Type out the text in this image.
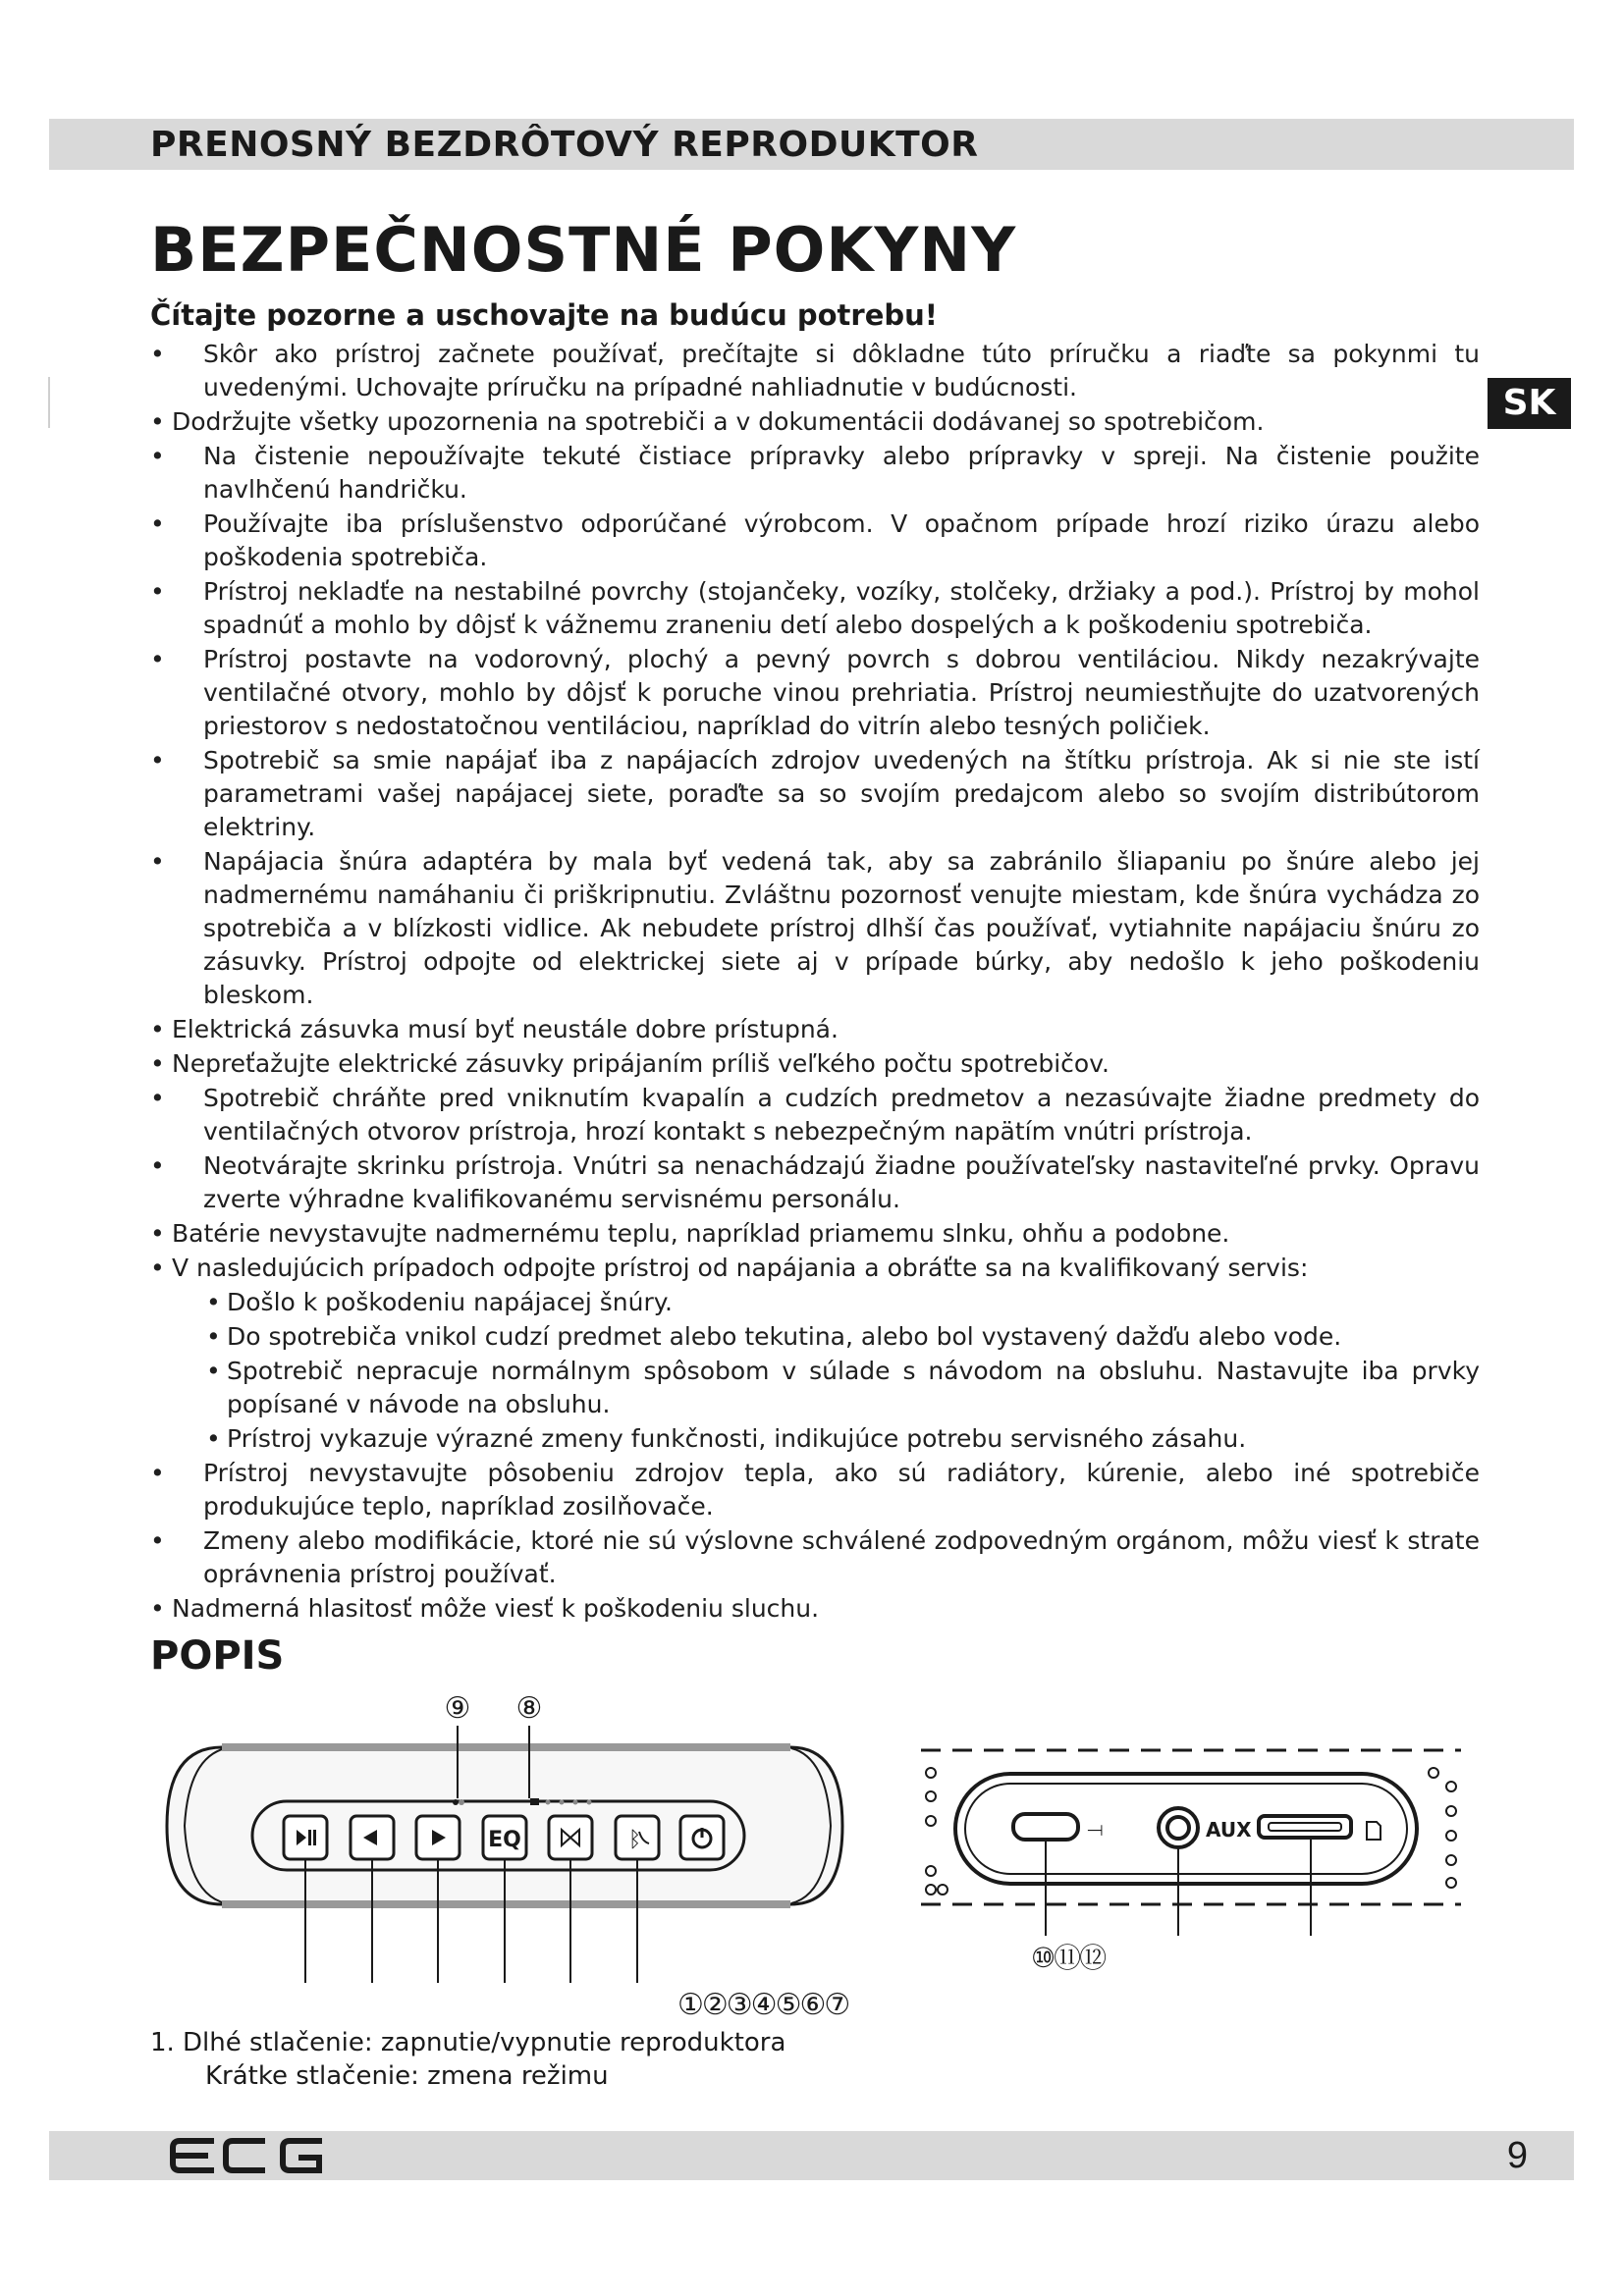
PRENOSNÝ BEZDRÔTOVÝ REPRODUKTOR
BEZPEČNOSTNÉ POKYNY
Čítajte pozorne a uschovajte na budúcu potrebu!
SK
• Skôr ako prístroj začnete používať, prečítajte si dôkladne túto príručku a riaďte sa pokynmi tu uvedenými. Uchovajte príručku na prípadné nahliadnutie v budúcnosti.
• Dodržujte všetky upozornenia na spotrebiči a v dokumentácii dodávanej so spotrebičom.
• Na čistenie nepoužívajte tekuté čistiace prípravky alebo prípravky v spreji. Na čistenie použite navlhčenú handričku.
• Používajte iba príslušenstvo odporúčané výrobcom. V opačnom prípade hrozí riziko úrazu alebo poškodenia spotrebiča.
• Prístroj nekladťe na nestabilné povrchy (stojančeky, vozíky, stolčeky, držiaky a pod.). Prístroj by mohol spadnúť a mohlo by dôjsť k vážnemu zraneniu detí alebo dospelých a k poškodeniu spotrebiča.
• Prístroj postavte na vodorovný, plochý a pevný povrch s dobrou ventiláciou. Nikdy nezakrývajte ventilačné otvory, mohlo by dôjsť k poruche vinou prehriatia. Prístroj neumiestňujte do uzatvorených priestorov s nedostatočnou ventiláciou, napríklad do vitrín alebo tesných poličiek.
• Spotrebič sa smie napájať iba z napájacích zdrojov uvedených na štítku prístroja. Ak si nie ste istí parametrami vašej napájacej siete, poraďte sa so svojím predajcom alebo so svojím distribútorom elektriny.
• Napájacia šnúra adaptéra by mala byť vedená tak, aby sa zabránilo šliapaniu po šnúre alebo jej nadmernému namáhaniu či priškripnutiu. Zvláštnu pozornosť venujte miestam, kde šnúra vychádza zo spotrebiča a v blízkosti vidlice. Ak nebudete prístroj dlhší čas používať, vytiahnite napájaciu šnúru zo zásuvky. Prístroj odpojte od elektrickej siete aj v prípade búrky, aby nedošlo k jeho poškodeniu bleskom.
• Elektrická zásuvka musí byť neustále dobre prístupná.
• Nepreťažujte elektrické zásuvky pripájaním príliš veľkého počtu spotrebičov.
• Spotrebič chráňte pred vniknutím kvapalín a cudzích predmetov a nezasúvajte žiadne predmety do ventilačných otvorov prístroja, hrozí kontakt s nebezpečným napätím vnútri prístroja.
• Neotvárajte skrinku prístroja. Vnútri sa nenachádzajú žiadne používateľsky nastaviteľné prvky. Opravu zverte výhradne kvalifikovanému servisnému personálu.
• Batérie nevystavujte nadmernému teplu, napríklad priamemu slnku, ohňu a podobne.
• V nasledujúcich prípadoch odpojte prístroj od napájania a obráťte sa na kvalifikovaný servis:
• Došlo k poškodeniu napájacej šnúry.
• Do spotrebiča vnikol cudzí predmet alebo tekutina, alebo bol vystavený dažďu alebo vode.
• Spotrebič nepracuje normálnym spôsobom v súlade s návodom na obsluhu. Nastavujte iba prvky popísané v návode na obsluhu.
• Prístroj vykazuje výrazné zmeny funkčnosti, indikujúce potrebu servisného zásahu.
• Prístroj nevystavujte pôsobeniu zdrojov tepla, ako sú radiátory, kúrenie, alebo iné spotrebiče produkujúce teplo, napríklad zosilňovače.
• Zmeny alebo modifikácie, ktoré nie sú výslovne schválené zodpovedným orgánom, môžu viesť k strate oprávnenia prístroj používať.
• Nadmerná hlasitosť môže viesť k poškodeniu sluchu.
POPIS
EQ	ᛒ
⑨ ⑧
①②③④⑤⑥⑦
⟞	AUX
⑩⑪⑫
1. Dlhé stlačenie: zapnutie/vypnutie reproduktora
Krátke stlačenie: zmena režimu
ECG	9
